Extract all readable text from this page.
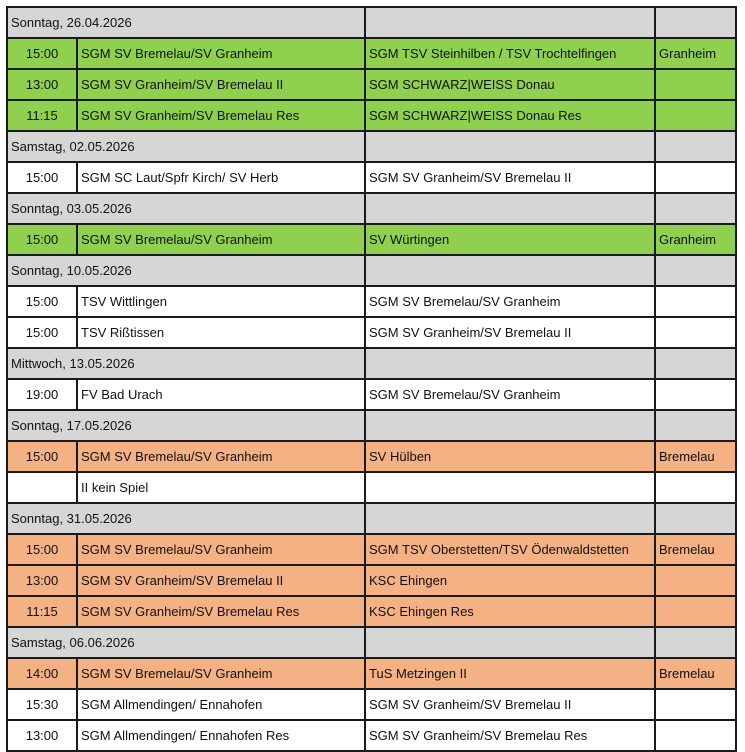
Sonntag, 26.04.2026			
15:00	SGM SV Bremelau/SV Granheim	SGM TSV Steinhilben / TSV Trochtelfingen	Granheim
13:00	SGM SV Granheim/SV Bremelau II	SGM SCHWARZ|WEISS Donau	
11:15	SGM SV Granheim/SV Bremelau Res	SGM SCHWARZ|WEISS Donau Res	
Samstag, 02.05.2026			
15:00	SGM SC Laut/Spfr Kirch/ SV Herb	SGM SV Granheim/SV Bremelau II	
Sonntag, 03.05.2026			
15:00	SGM SV Bremelau/SV Granheim	SV Würtingen	Granheim
Sonntag, 10.05.2026			
15:00	TSV Wittlingen	SGM SV Bremelau/SV Granheim	
15:00	TSV Rißtissen	SGM SV Granheim/SV Bremelau II	
Mittwoch, 13.05.2026			
19:00	FV Bad Urach	SGM SV Bremelau/SV Granheim	
Sonntag, 17.05.2026			
15:00	SGM SV Bremelau/SV Granheim	SV Hülben	Bremelau
	II kein Spiel		
Sonntag, 31.05.2026			
15:00	SGM SV Bremelau/SV Granheim	SGM TSV Oberstetten/TSV Ödenwaldstetten	Bremelau
13:00	SGM SV Granheim/SV Bremelau II	KSC Ehingen	
11:15	SGM SV Granheim/SV Bremelau Res	KSC Ehingen Res	
Samstag, 06.06.2026			
14:00	SGM SV Bremelau/SV Granheim	TuS Metzingen II	Bremelau
15:30	SGM Allmendingen/ Ennahofen	SGM SV Granheim/SV Bremelau II	
13:00	SGM Allmendingen/ Ennahofen Res	SGM SV Granheim/SV Bremelau Res	
